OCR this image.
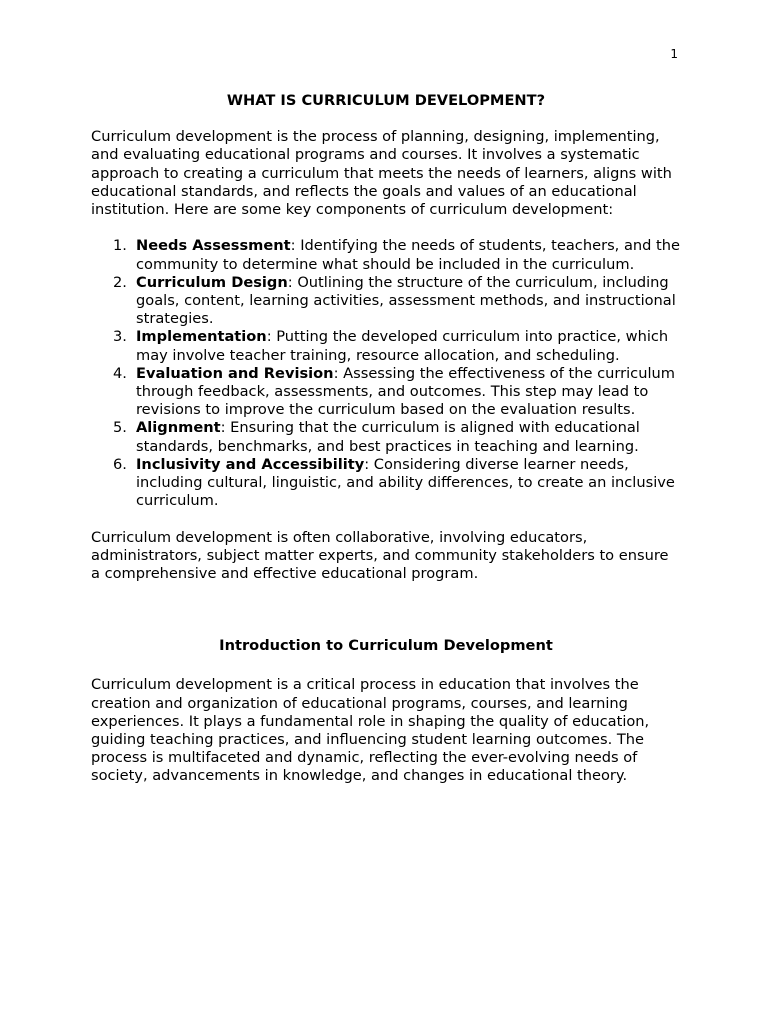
1
WHAT IS CURRICULUM DEVELOPMENT?

Curriculum development is the process of planning, designing, implementing, and evaluating educational programs and courses. It involves a systematic approach to creating a curriculum that meets the needs of learners, aligns with educational standards, and reflects the goals and values of an educational institution. Here are some key components of curriculum development:

1. Needs Assessment: Identifying the needs of students, teachers, and the community to determine what should be included in the curriculum.
2. Curriculum Design: Outlining the structure of the curriculum, including goals, content, learning activities, assessment methods, and instructional strategies.
3. Implementation: Putting the developed curriculum into practice, which may involve teacher training, resource allocation, and scheduling.
4. Evaluation and Revision: Assessing the effectiveness of the curriculum through feedback, assessments, and outcomes. This step may lead to revisions to improve the curriculum based on the evaluation results.
5. Alignment: Ensuring that the curriculum is aligned with educational standards, benchmarks, and best practices in teaching and learning.
6. Inclusivity and Accessibility: Considering diverse learner needs, including cultural, linguistic, and ability differences, to create an inclusive curriculum.

Curriculum development is often collaborative, involving educators, administrators, subject matter experts, and community stakeholders to ensure a comprehensive and effective educational program.

Introduction to Curriculum Development

Curriculum development is a critical process in education that involves the creation and organization of educational programs, courses, and learning experiences. It plays a fundamental role in shaping the quality of education, guiding teaching practices, and influencing student learning outcomes. The process is multifaceted and dynamic, reflecting the ever-evolving needs of society, advancements in knowledge, and changes in educational theory.
